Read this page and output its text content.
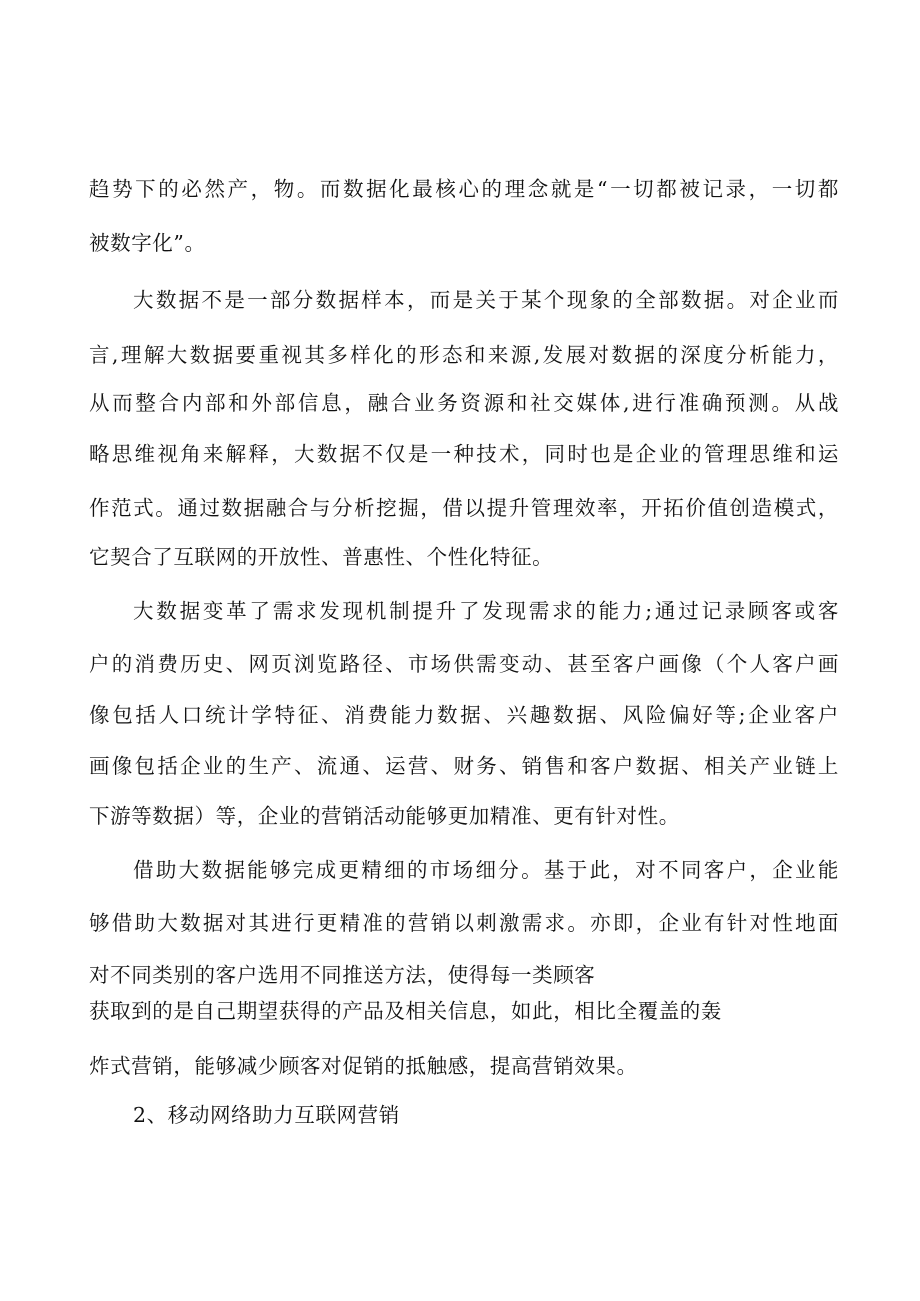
趋势下的必然产，物。而数据化最核心的理念就是“一切都被记录，一切都
被数字化”。
大数据不是一部分数据样本，而是关于某个现象的全部数据。对企业而
言,理解大数据要重视其多样化的形态和来源,发展对数据的深度分析能力，
从而整合内部和外部信息，融合业务资源和社交媒体,进行准确预测。从战
略思维视角来解释，大数据不仅是一种技术，同时也是企业的管理思维和运
作范式。通过数据融合与分析挖掘，借以提升管理效率，开拓价值创造模式，
它契合了互联网的开放性、普惠性、个性化特征。
大数据变革了需求发现机制提升了发现需求的能力;通过记录顾客或客
户的消费历史、网页浏览路径、市场供需变动、甚至客户画像（个人客户画
像包括人口统计学特征、消费能力数据、兴趣数据、风险偏好等;企业客户
画像包括企业的生产、流通、运营、财务、销售和客户数据、相关产业链上
下游等数据）等，企业的营销活动能够更加精准、更有针对性。
借助大数据能够完成更精细的市场细分。基于此，对不同客户，企业能
够借助大数据对其进行更精准的营销以刺激需求。亦即，企业有针对性地面
对不同类别的客户选用不同推送方法，使得每一类顾客
获取到的是自己期望获得的产品及相关信息，如此，相比全覆盖的轰
炸式营销，能够减少顾客对促销的抵触感，提高营销效果。
2、移动网络助力互联网营销
